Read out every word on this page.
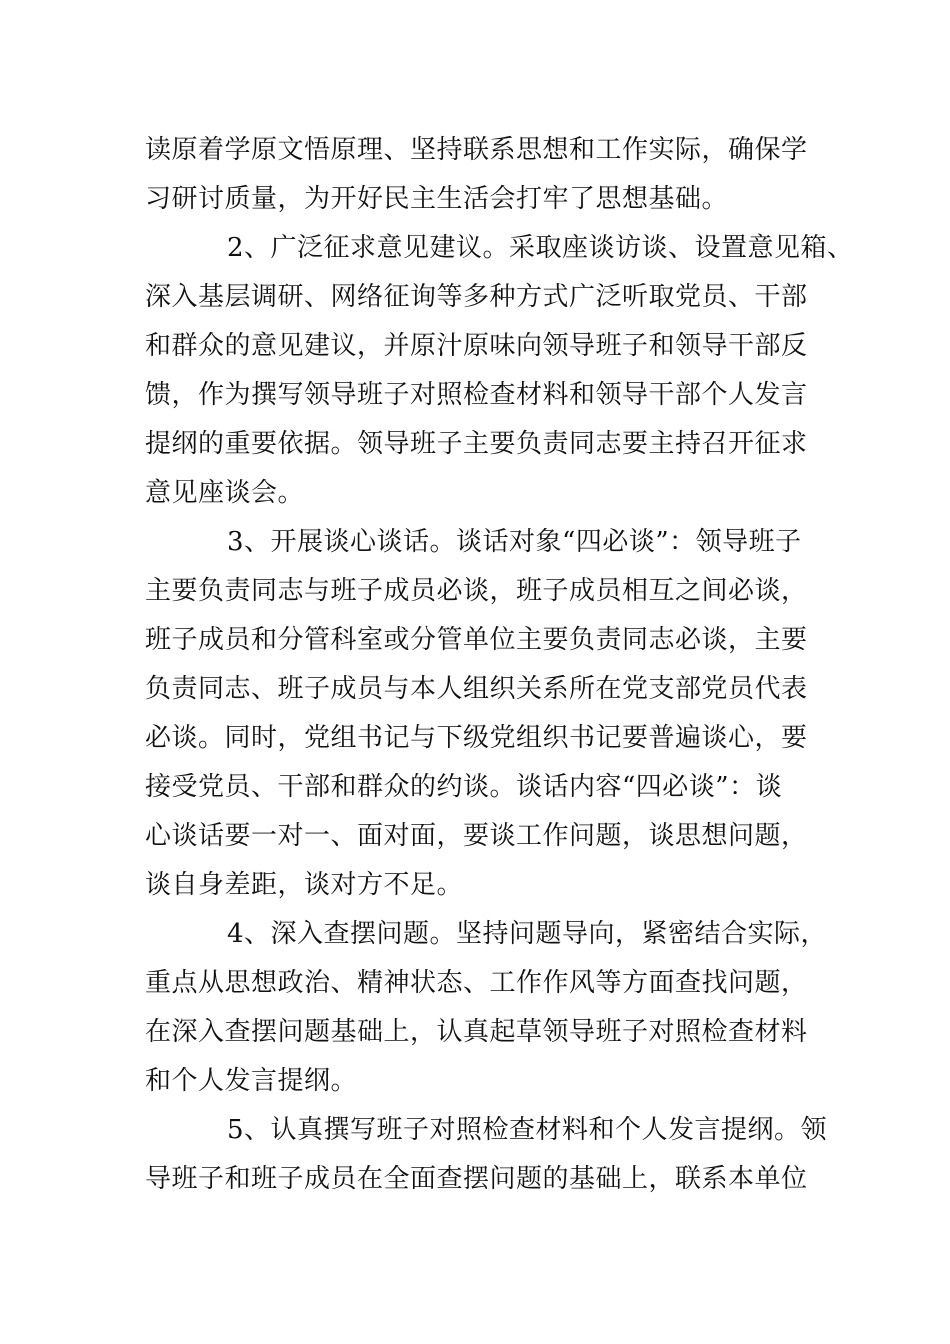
读原着学原文悟原理、坚持联系思想和工作实际，确保学
习研讨质量，为开好民主生活会打牢了思想基础。
2、广泛征求意见建议。采取座谈访谈、设置意见箱、
深入基层调研、网络征询等多种方式广泛听取党员、干部
和群众的意见建议，并原汁原味向领导班子和领导干部反
馈，作为撰写领导班子对照检查材料和领导干部个人发言
提纲的重要依据。领导班子主要负责同志要主持召开征求
意见座谈会。
3、开展谈心谈话。谈话对象“四必谈”：领导班子
主要负责同志与班子成员必谈，班子成员相互之间必谈，
班子成员和分管科室或分管单位主要负责同志必谈，主要
负责同志、班子成员与本人组织关系所在党支部党员代表
必谈。同时，党组书记与下级党组织书记要普遍谈心，要
接受党员、干部和群众的约谈。谈话内容“四必谈”：谈
心谈话要一对一、面对面，要谈工作问题，谈思想问题，
谈自身差距，谈对方不足。
4、深入查摆问题。坚持问题导向，紧密结合实际，
重点从思想政治、精神状态、工作作风等方面查找问题，
在深入查摆问题基础上，认真起草领导班子对照检查材料
和个人发言提纲。
5、认真撰写班子对照检查材料和个人发言提纲。领
导班子和班子成员在全面查摆问题的基础上，联系本单位
